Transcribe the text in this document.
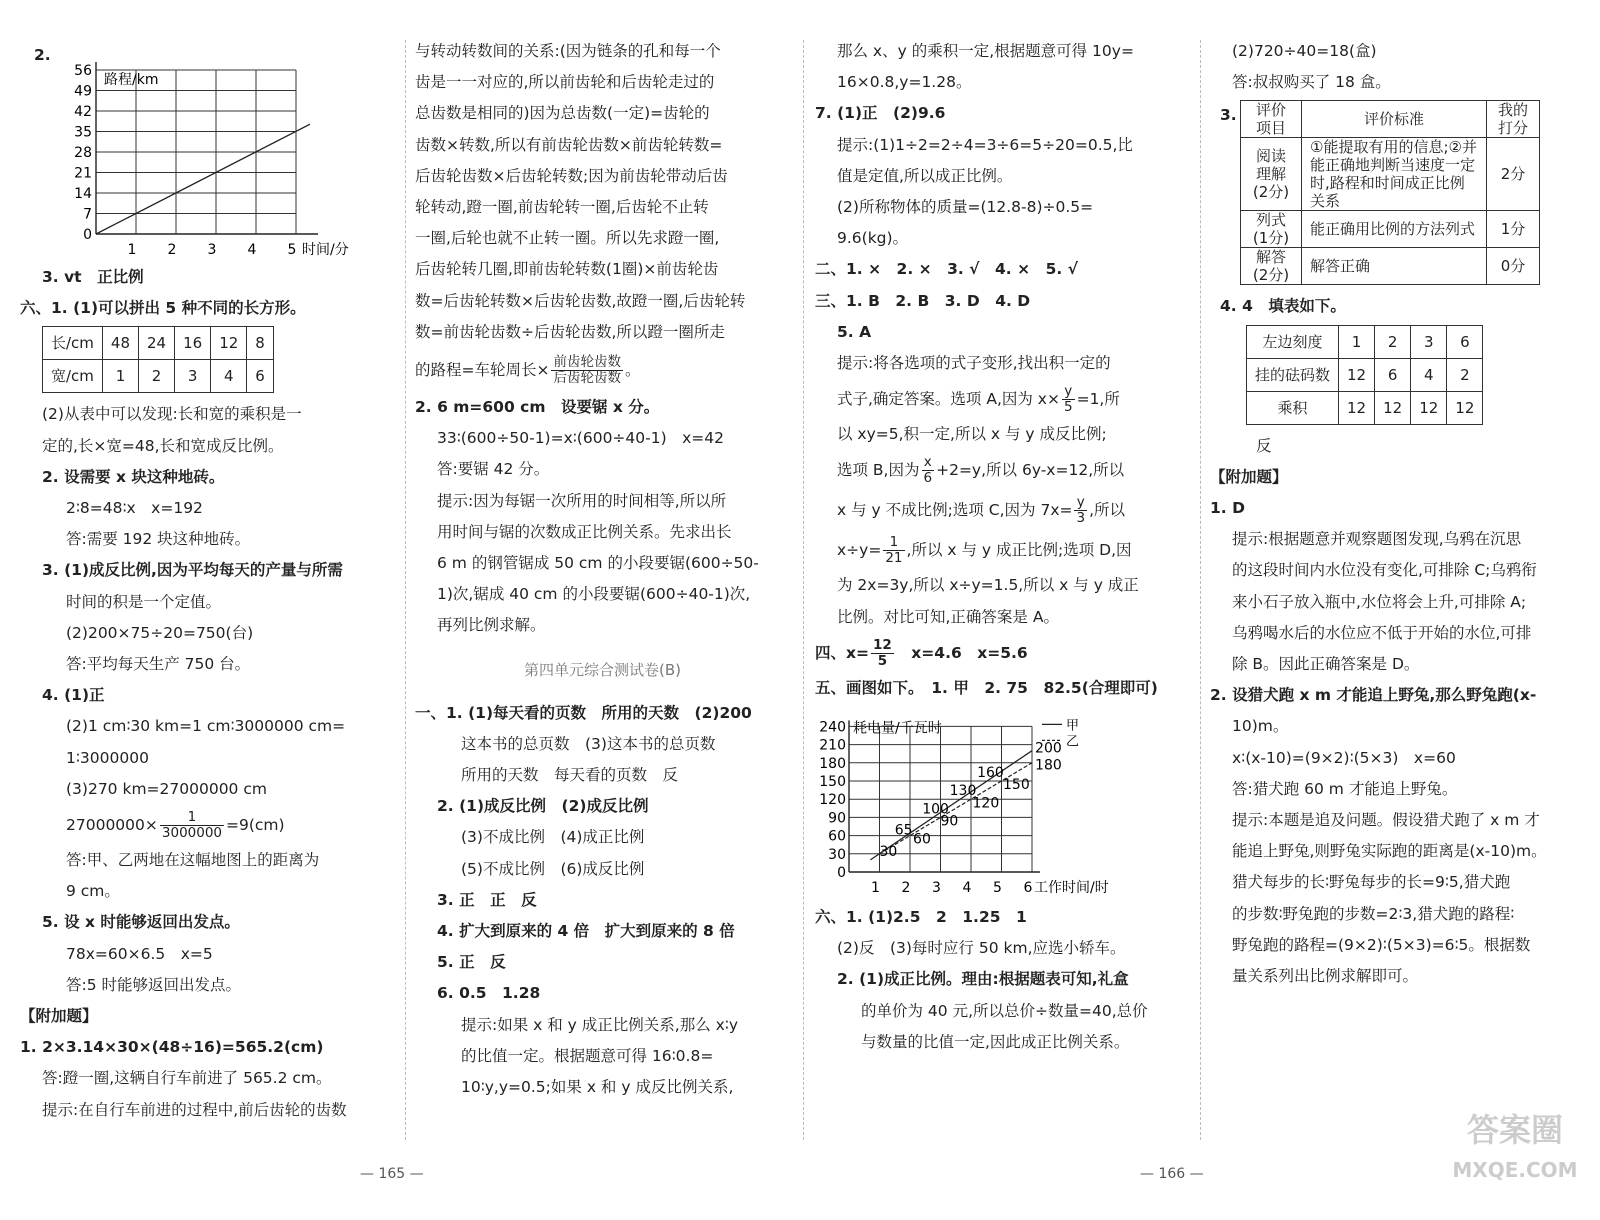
2.
56
49
42
35
28
21
14
7
0
1 2 3 4 5 时间/分
路程/km
3. vt　正比例
六、1. (1)可以拼出 5 种不同的长方形。
长/cm	48	24	16	12	8
宽/cm	1	2	3	4	6
(2)从表中可以发现:长和宽的乘积是一
定的,长×宽=48,长和宽成反比例。
2. 设需要 x 块这种地砖。
2∶8=48∶x　x=192
答:需要 192 块这种地砖。
3. (1)成反比例,因为平均每天的产量与所需
时间的积是一个定值。
(2)200×75÷20=750(台)
答:平均每天生产 750 台。
4. (1)正
(2)1 cm∶30 km=1 cm∶3000000 cm=
1∶3000000
(3)270 km=27000000 cm
$27000000\times \frac{1}{3000000} =9(cm)$
答:甲、乙两地在这幅地图上的距离为
9 cm。
5. 设 x 时能够返回出发点。
78x=60×6.5　x=5
答:5 时能够返回出发点。
【附加题】
1. 2×3.14×30×(48÷16)=565.2(cm)
答:蹬一圈,这辆自行车前进了 565.2 cm。
提示:在自行车前进的过程中,前后齿轮的齿数
与转动转数间的关系:(因为链条的孔和每一个
齿是一一对应的,所以前齿轮和后齿轮走过的
总齿数是相同的)因为总齿数(一定)=齿轮的
齿数×转数,所以有前齿轮齿数×前齿轮转数=
后齿轮齿数×后齿轮转数;因为前齿轮带动后齿
轮转动,蹬一圈,前齿轮转一圈,后齿轮不止转
一圈,后轮也就不止转一圈。所以先求蹬一圈,
后齿轮转几圈,即前齿轮转数(1圈)×前齿轮齿
数=后齿轮转数×后齿轮齿数,故蹬一圈,后齿轮转
数=前齿轮齿数÷后齿轮齿数,所以蹬一圈所走
的路程=车轮周长× 前齿轮齿数
后齿轮齿数 。
2. 6 m=600 cm　设要锯 x 分。
33∶(600÷50-1)=x∶(600÷40-1)　x=42
答:要锯 42 分。
提示:因为每锯一次所用的时间相等,所以所
用时间与锯的次数成正比例关系。先求出长
6 m 的钢管锯成 50 cm 的小段要锯(600÷50-
1)次,锯成 40 cm 的小段要锯(600÷40-1)次,
再列比例求解。
第四单元综合测试卷(B)
一、1. (1)每天看的页数　所用的天数　(2)200
这本书的总页数　(3)这本书的总页数
所用的天数　每天看的页数　反
2. (1)成反比例　(2)成反比例
(3)不成比例　(4)成正比例
(5)不成比例　(6)成反比例
3. 正　正　反
4. 扩大到原来的 4 倍　扩大到原来的 8 倍
5. 正　反
6. 0.5　1.28
提示:如果 x 和 y 成正比例关系,那么 x∶y
的比值一定。根据题意可得 16∶0.8=
10∶y,y=0.5;如果 x 和 y 成反比例关系,
那么 x、y 的乘积一定,根据题意可得 10y=
16×0.8,y=1.28。
7. (1)正　(2)9.6
提示:(1)1÷2=2÷4=3÷6=5÷20=0.5,比
值是定值,所以成正比例。
(2)所称物体的质量=(12.8-8)÷0.5=
9.6(kg)。
二、1. ×　2. ×　3. √　4. ×　5. √
三、1. B　2. B　3. D　4. D
5. A
提示:将各选项的式子变形,找出积一定的
式子,确定答案。选项 A,因为 $x\times \frac{y}{5} =1$,所
以 xy=5,积一定,所以 x 与 y 成反比例;
选项 B,因为 $\frac{x}{6} +2=y$,所以 6y-x=12,所以
x 与 y 不成比例;选项 C,因为 $7x= \frac{y}{3}$ ,所以
$x\div y= \frac{1}{21}$ ,所以 x 与 y 成正比例;选项 D,因
为 2x=3y,所以 x÷y=1.5,所以 x 与 y 成正
比例。对比可知,正确答案是 A。
四、$x= \frac{12}{5}$ 　x=4.6　x=5.6
五、画图如下。　1. 甲　2. 75　82.5(合理即可)
240
210
180
150
120
90
60
30
0
1 2 3 4 5 6 工作时间/时
耗电量/千瓦时	甲
乙
30
65
100
130
160
200
60
90
120
150
180
六、1. (1)2.5　2　1.25　1
(2)反　(3)每时应行 50 km,应选小轿车。
2. (1)成正比例。理由:根据题表可知,礼盒
的单价为 40 元,所以总价÷数量=40,总价
与数量的比值一定,因此成正比例关系。
(2)720÷40=18(盒)
答:叔叔购买了 18 盒。
3. 评价项目	评价标准	我的打分
阅读理解(2分)	①能提取有用的信息;②并能正确地判断当速度一定时,路程和时间成正比例关系	2分
列式(1分)	能正确用比例的方法列式	1分
解答(2分)	解答正确	0分
4. 4　填表如下。
左边刻度	1	2	3	6
挂的砝码数	12	6	4	2
乘积	12	12	12	12
反
【附加题】
1. D
提示:根据题意并观察题图发现,乌鸦在沉思
的这段时间内水位没有变化,可排除 C;乌鸦衔
来小石子放入瓶中,水位将会上升,可排除 A;
乌鸦喝水后的水位应不低于开始的水位,可排
除 B。因此正确答案是 D。
2. 设猎犬跑 x m 才能追上野兔,那么野兔跑(x-
10)m。
x∶(x-10)=(9×2)∶(5×3)　x=60
答:猎犬跑 60 m 才能追上野兔。
提示:本题是追及问题。假设猎犬跑了 x m 才
能追上野兔,则野兔实际跑的距离是(x-10)m。
猎犬每步的长∶野兔每步的长=9∶5,猎犬跑
的步数∶野兔跑的步数=2∶3,猎犬跑的路程∶
野兔跑的路程=(9×2)∶(5×3)=6∶5。根据数
量关系列出比例求解即可。
— 165 —	— 166 —
答案圈
MXQE.COM
